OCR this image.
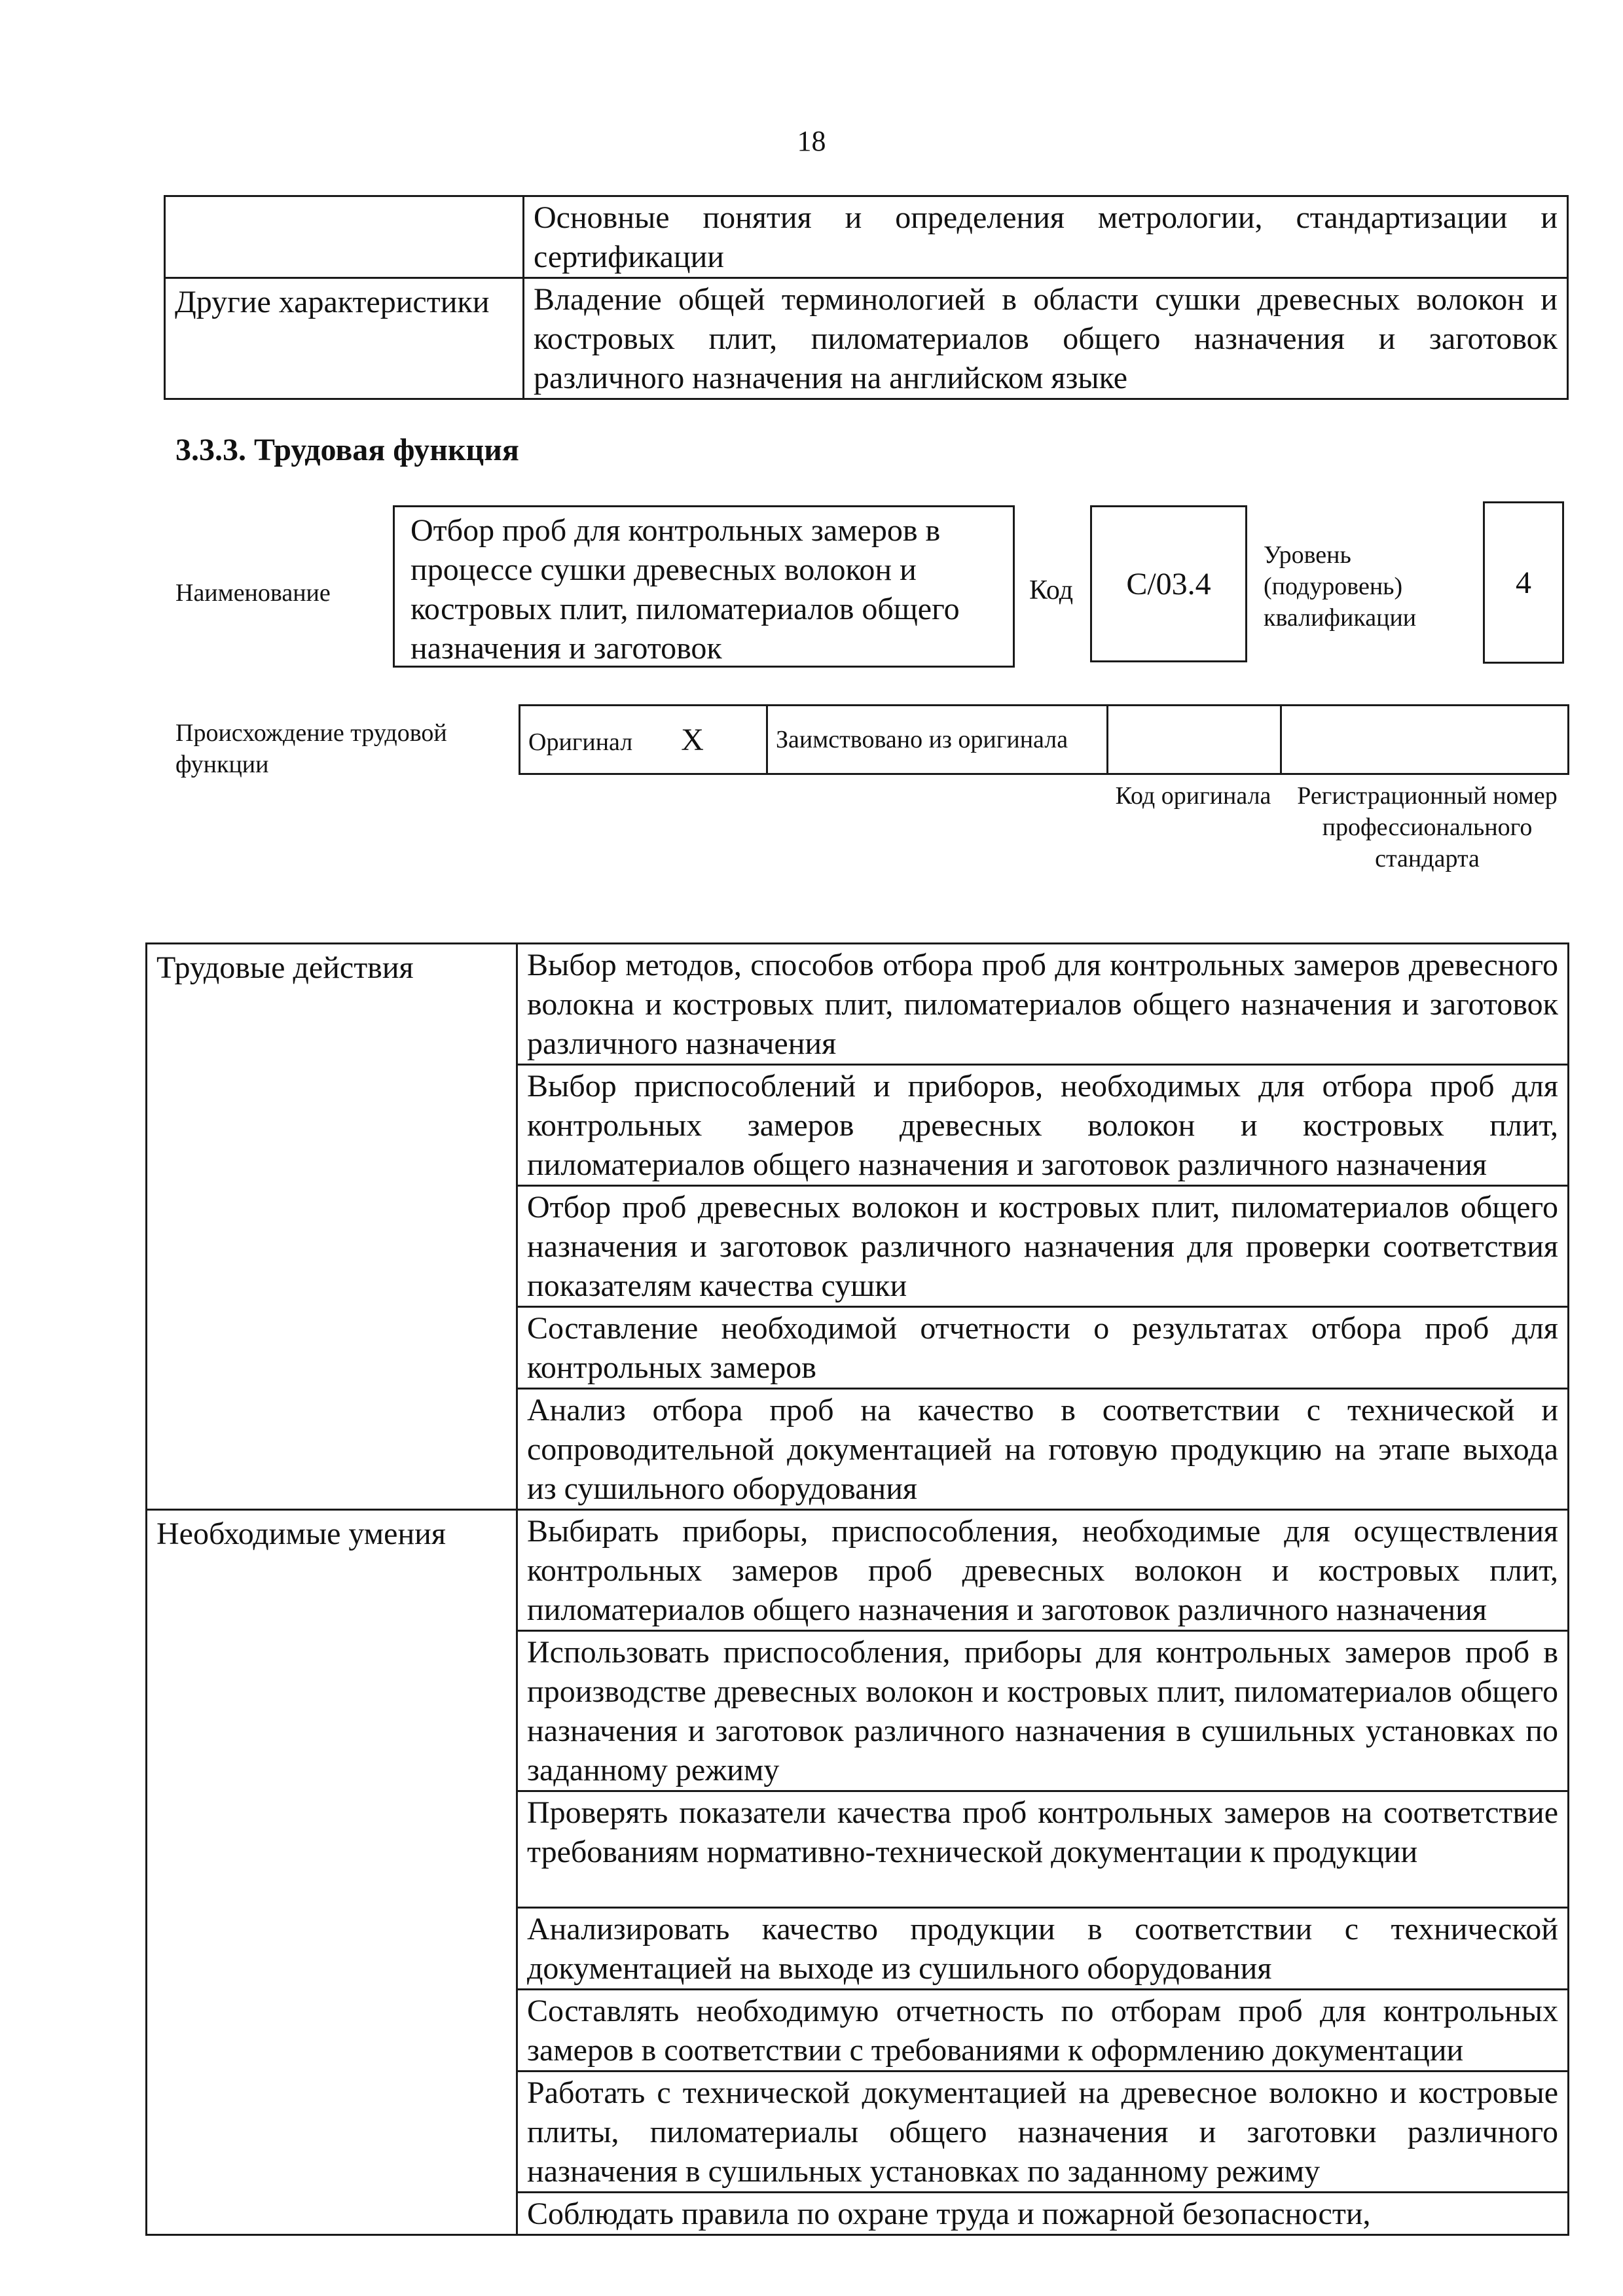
18
	Основные понятия и определения метрологии, стандартизации и сертификации
Другие характеристики	Владение общей терминологией в области сушки древесных волокон и костровых плит, пиломатериалов общего назначения и заготовок различного назначения на английском языке
3.3.3. Трудовая функция
Наименование
Отбор проб для контрольных замеров в процессе сушки древесных волокон и костровых плит, пиломатериалов общего назначения и заготовок
Код	C/03.4
Уровень (подуровень) квалификации
4
Происхождение трудовой функции
Оригинал X	Заимствовано из оригинала		
Код оригинала	Регистрационный номер профессионального стандарта
Трудовые действия	Выбор методов, способов отбора проб для контрольных замеров древесного волокна и костровых плит, пиломатериалов общего назначения и заготовок различного назначения
	Выбор приспособлений и приборов, необходимых для отбора проб для контрольных замеров древесных волокон и костровых плит, пиломатериалов общего назначения и заготовок различного назначения
	Отбор проб древесных волокон и костровых плит, пиломатериалов общего назначения и заготовок различного назначения для проверки соответствия показателям качества сушки
	Составление необходимой отчетности о результатах отбора проб для контрольных замеров
	Анализ отбора проб на качество в соответствии с технической и сопроводительной документацией на готовую продукцию на этапе выхода из сушильного оборудования
Необходимые умения	Выбирать приборы, приспособления, необходимые для осуществления контрольных замеров проб древесных волокон и костровых плит, пиломатериалов общего назначения и заготовок различного назначения
	Использовать приспособления, приборы для контрольных замеров проб в производстве древесных волокон и костровых плит, пиломатериалов общего назначения и заготовок различного назначения в сушильных установках по заданному режиму
	Проверять показатели качества проб контрольных замеров на соответствие требованиям нормативно-технической документации к продукции
	Анализировать качество продукции в соответствии с технической документацией на выходе из сушильного оборудования
	Составлять необходимую отчетность по отборам проб для контрольных замеров в соответствии с требованиями к оформлению документации
	Работать с технической документацией на древесное волокно и костровые плиты, пиломатериалы общего назначения и заготовки различного назначения в сушильных установках по заданному режиму
	Соблюдать правила по охране труда и пожарной безопасности,
